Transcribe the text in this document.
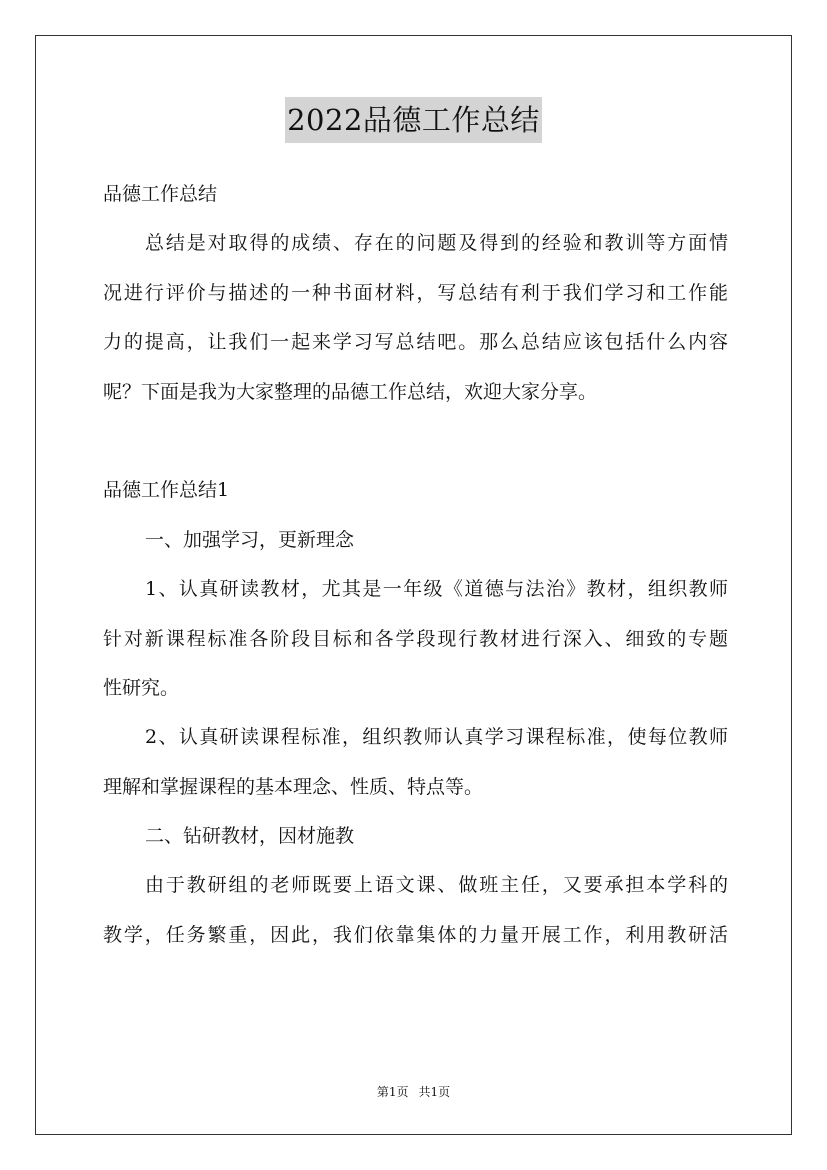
2022品德工作总结
品德工作总结
总结是对取得的成绩、存在的问题及得到的经验和教训等方面情
况进行评价与描述的一种书面材料，写总结有利于我们学习和工作能
力的提高，让我们一起来学习写总结吧。那么总结应该包括什么内容
呢？下面是我为大家整理的品德工作总结，欢迎大家分享。
品德工作总结1
一、加强学习，更新理念
1、认真研读教材，尤其是一年级《道德与法治》教材，组织教师
针对新课程标准各阶段目标和各学段现行教材进行深入、细致的专题
性研究。
2、认真研读课程标准，组织教师认真学习课程标准，使每位教师
理解和掌握课程的基本理念、性质、特点等。
二、钻研教材，因材施教
由于教研组的老师既要上语文课、做班主任，又要承担本学科的
教学，任务繁重，因此，我们依靠集体的力量开展工作，利用教研活
第1页 共1页
